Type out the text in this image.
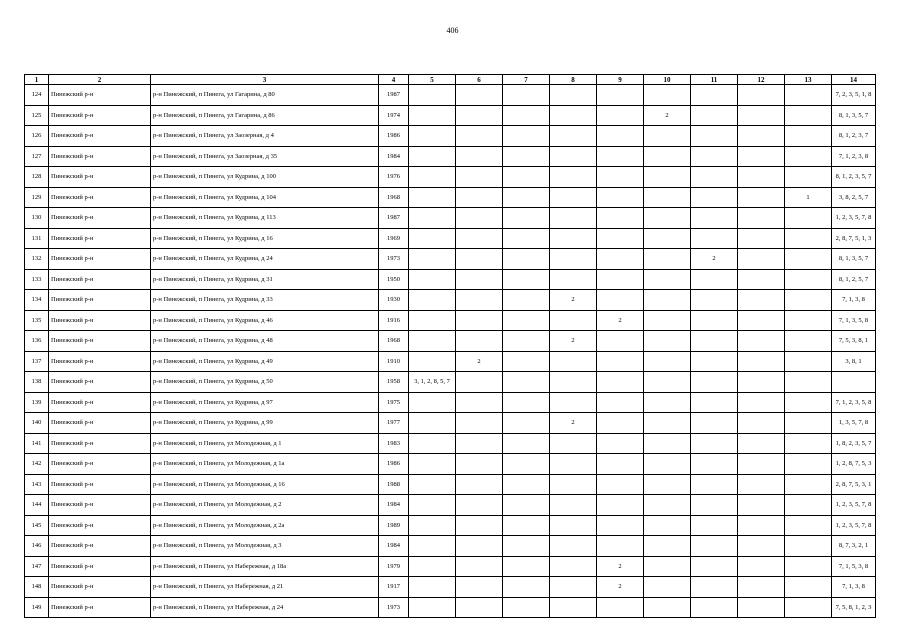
406
1	2	3	4	5	6	7	8	9	10	11	12	13	14
124	Пинежский р-н	р-н Пинежский, п Пинега, ул Гагарина, д 80	1987										7, 2, 3, 5, 1, 8
125	Пинежский р-н	р-н Пинежский, п Пинега, ул Гагарина, д 86	1974						2				8, 1, 3, 5, 7
126	Пинежский р-н	р-н Пинежский, п Пинега, ул Заозерная, д 4	1986										8, 1, 2, 3, 7
127	Пинежский р-н	р-н Пинежский, п Пинега, ул Заозерная, д 35	1984										7, 1, 2, 3, 8
128	Пинежский р-н	р-н Пинежский, п Пинега, ул Кудрина, д 100	1976										8, 1, 2, 3, 5, 7
129	Пинежский р-н	р-н Пинежский, п Пинега, ул Кудрина, д 104	1968									1	3, 8, 2, 5, 7
130	Пинежский р-н	р-н Пинежский, п Пинега, ул Кудрина, д 113	1987										1, 2, 3, 5, 7, 8
131	Пинежский р-н	р-н Пинежский, п Пинега, ул Кудрина, д 16	1969										2, 8, 7, 5, 1, 3
132	Пинежский р-н	р-н Пинежский, п Пинега, ул Кудрина, д 24	1973							2			8, 1, 3, 5, 7
133	Пинежский р-н	р-н Пинежский, п Пинега, ул Кудрина, д 31	1950										8, 1, 2, 5, 7
134	Пинежский р-н	р-н Пинежский, п Пинега, ул Кудрина, д 33	1930				2						7, 1, 3, 8
135	Пинежский р-н	р-н Пинежский, п Пинега, ул Кудрина, д 46	1916					2					7, 1, 3, 5, 8
136	Пинежский р-н	р-н Пинежский, п Пинега, ул Кудрина, д 48	1968				2						7, 5, 3, 8, 1
137	Пинежский р-н	р-н Пинежский, п Пинега, ул Кудрина, д 49	1910		2								3, 8, 1
138	Пинежский р-н	р-н Пинежский, п Пинега, ул Кудрина, д 50	1958	3, 1, 2, 8, 5, 7									
139	Пинежский р-н	р-н Пинежский, п Пинега, ул Кудрина, д 97	1975										7, 1, 2, 3, 5, 8
140	Пинежский р-н	р-н Пинежский, п Пинега, ул Кудрина, д 99	1977				2						1, 3, 5, 7, 8
141	Пинежский р-н	р-н Пинежский, п Пинега, ул Молодежная, д 1	1983										1, 8, 2, 3, 5, 7
142	Пинежский р-н	р-н Пинежский, п Пинега, ул Молодежная, д 1а	1986										1, 2, 8, 7, 5, 3
143	Пинежский р-н	р-н Пинежский, п Пинега, ул Молодежная, д 16	1988										2, 8, 7, 5, 3, 1
144	Пинежский р-н	р-н Пинежский, п Пинега, ул Молодежная, д 2	1984										1, 2, 3, 5, 7, 8
145	Пинежский р-н	р-н Пинежский, п Пинега, ул Молодежная, д 2а	1989										1, 2, 3, 5, 7, 8
146	Пинежский р-н	р-н Пинежский, п Пинега, ул Молодежная, д 3	1984										8, 7, 3, 2, 1
147	Пинежский р-н	р-н Пинежский, п Пинега, ул Набережная, д 18а	1979					2					7, 1, 5, 3, 8
148	Пинежский р-н	р-н Пинежский, п Пинега, ул Набережная, д 21	1917					2					7, 1, 3, 8
149	Пинежский р-н	р-н Пинежский, п Пинега, ул Набережная, д 24	1973										7, 5, 8, 1, 2, 3
